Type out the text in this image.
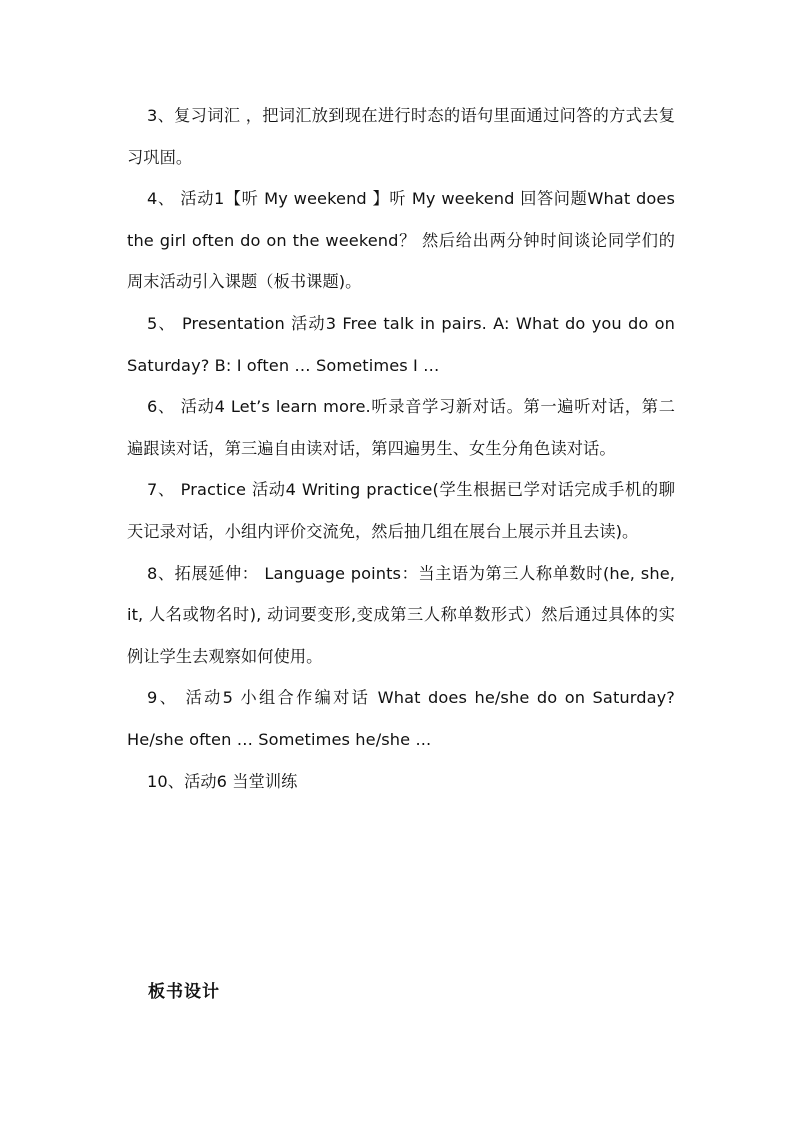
3、复习词汇 ，把词汇放到现在进行时态的语句里面通过问答的方式去复习巩固。

4、 活动1【听 My weekend 】听 My weekend 回答问题What does the girl often do on the weekend？ 然后给出两分钟时间谈论同学们的周末活动引入课题（板书课题)。

5、 Presentation 活动3 Free talk in pairs. A: What do you do on Saturday? B: I often … Sometimes I …

6、 活动4 Let’s learn more.听录音学习新对话。第一遍听对话，第二遍跟读对话，第三遍自由读对话，第四遍男生、女生分角色读对话。

7、 Practice 活动4 Writing practice(学生根据已学对话完成手机的聊天记录对话，小组内评价交流免，然后抽几组在展台上展示并且去读)。

8、拓展延伸： Language points：当主语为第三人称单数时(he, she, it, 人名或物名时), 动词要变形,变成第三人称单数形式）然后通过具体的实例让学生去观察如何使用。

9、 活动5 小组合作编对话 What does he/she do on Saturday? He/she often … Sometimes he/she ...

10、活动6 当堂训练

板书设计
